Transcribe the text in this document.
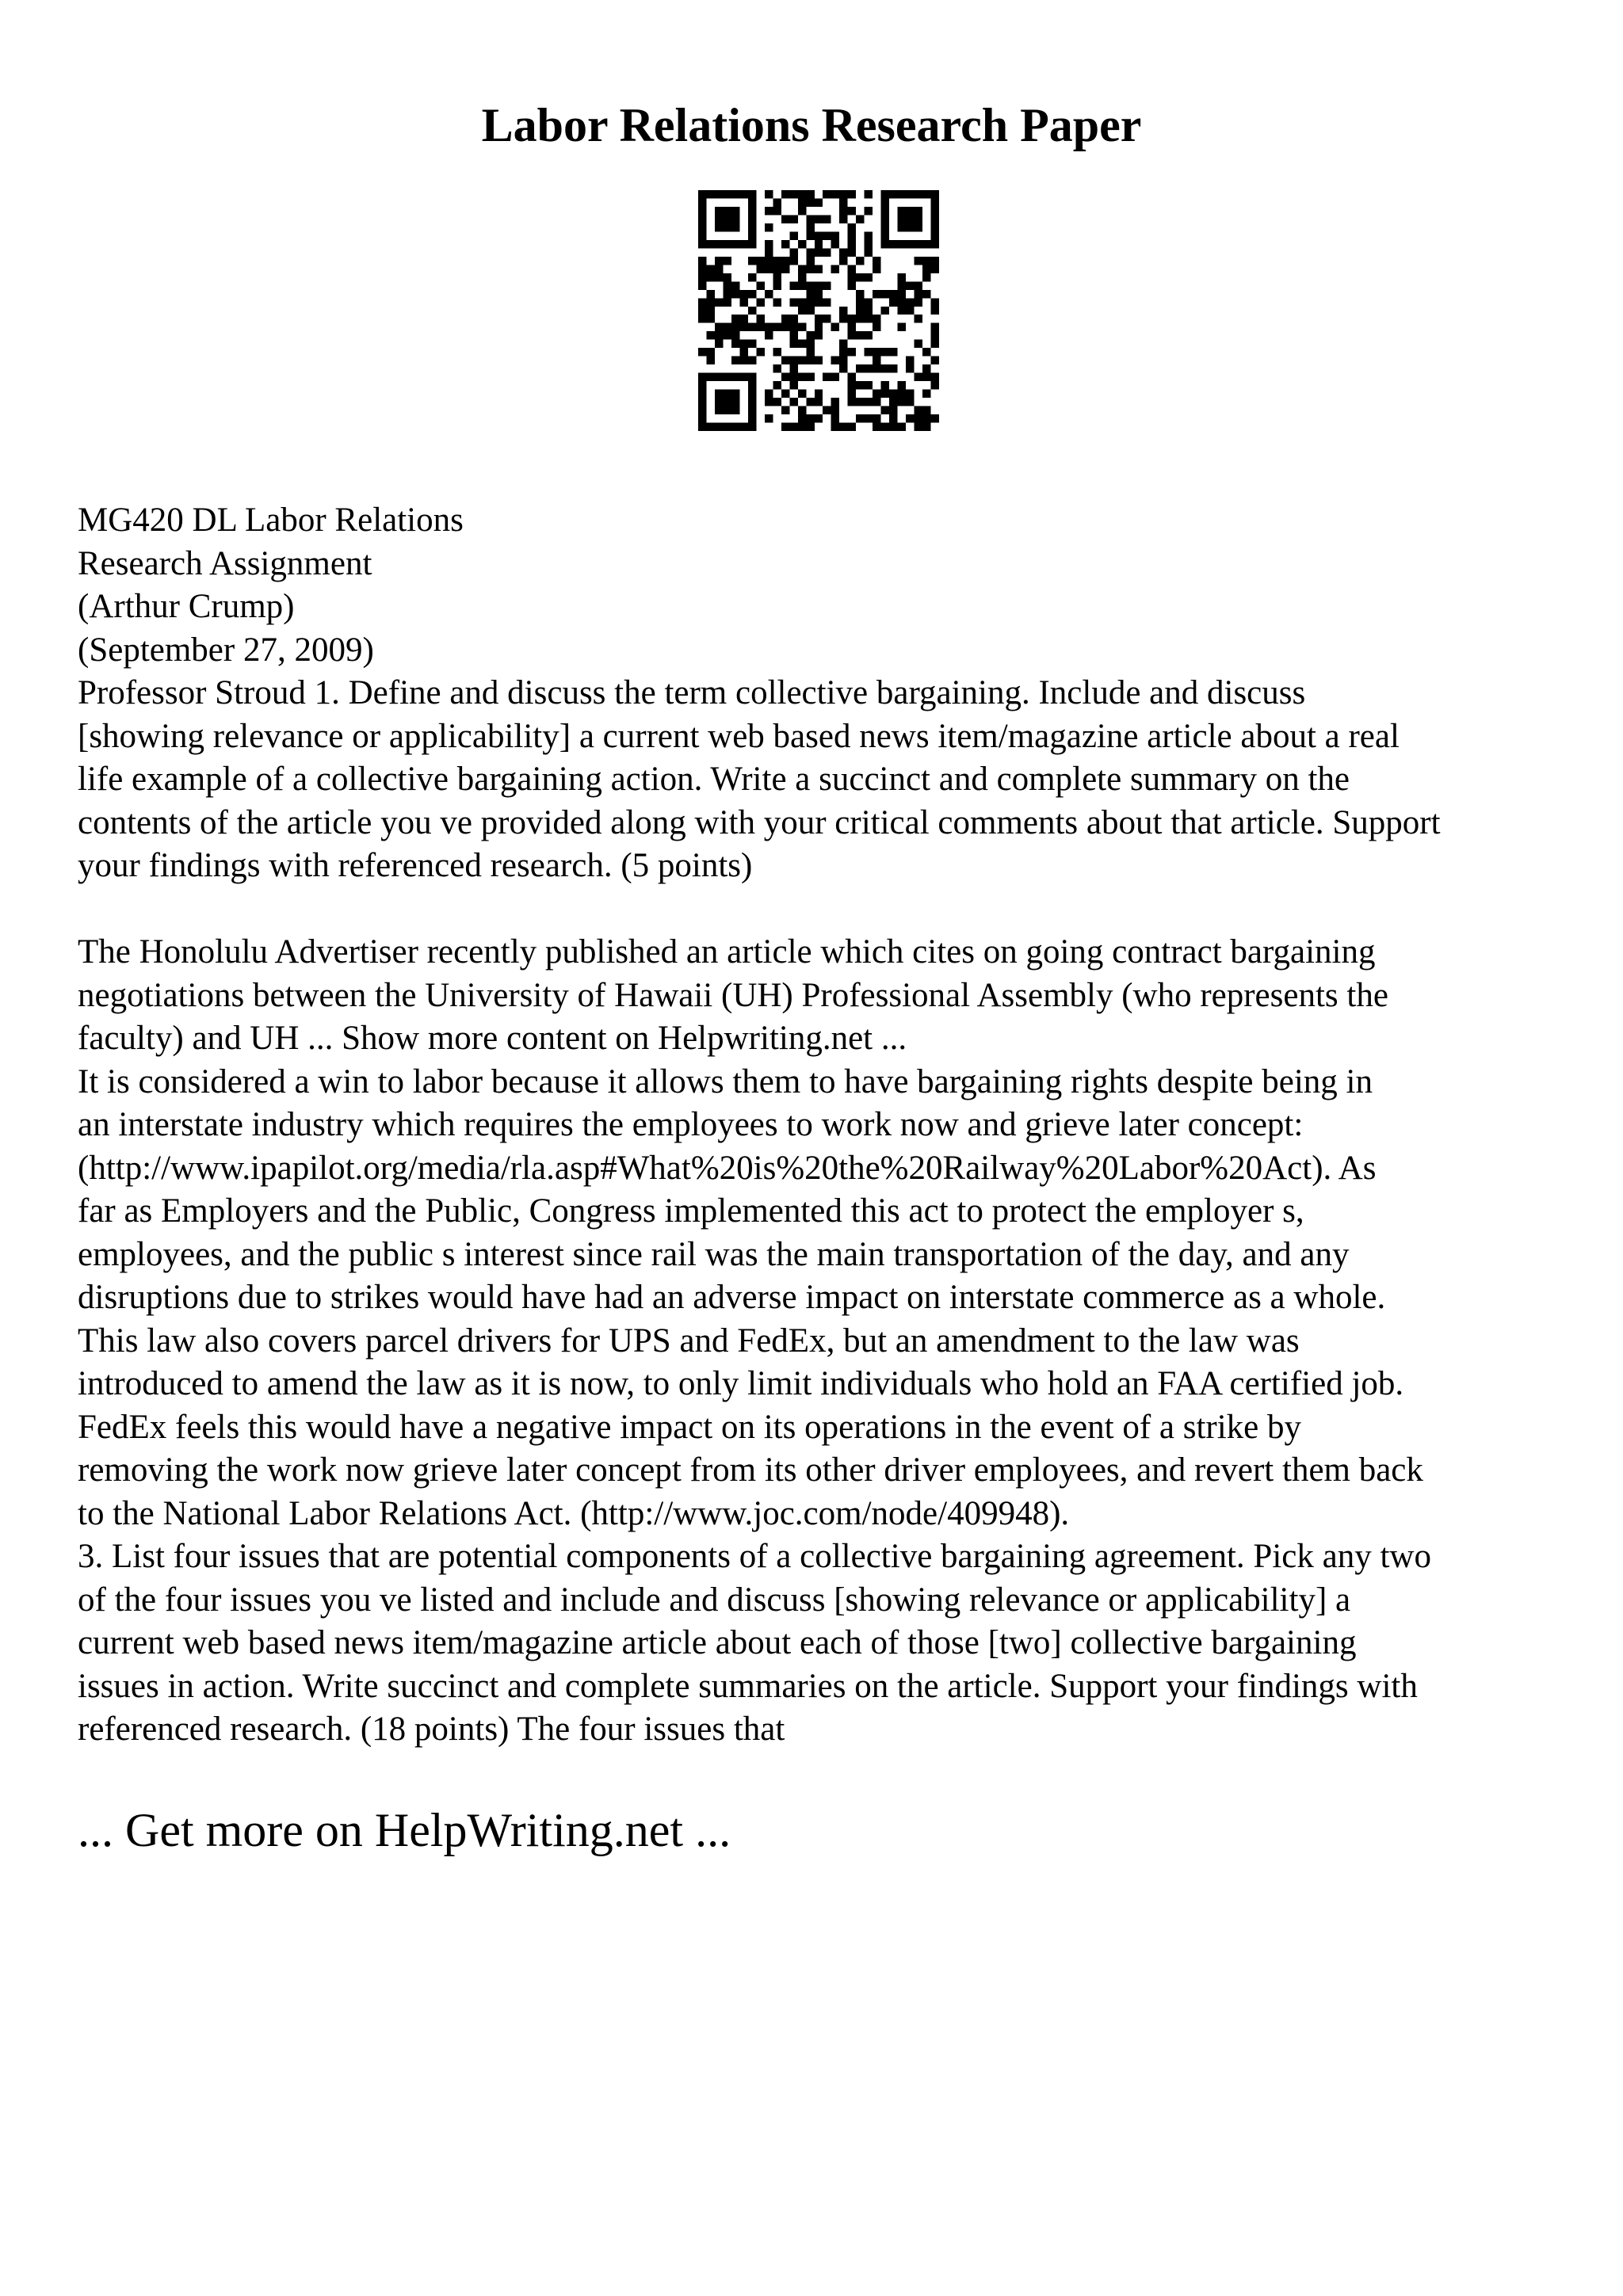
Labor Relations Research Paper
MG420 DL Labor Relations
Research Assignment
(Arthur Crump)
(September 27, 2009)
Professor Stroud 1. Define and discuss the term collective bargaining. Include and discuss
[showing relevance or applicability] a current web based news item/magazine article about a real
life example of a collective bargaining action. Write a succinct and complete summary on the
contents of the article you ve provided along with your critical comments about that article. Support
your findings with referenced research. (5 points)
The Honolulu Advertiser recently published an article which cites on going contract bargaining
negotiations between the University of Hawaii (UH) Professional Assembly (who represents the
faculty) and UH ... Show more content on Helpwriting.net ...
It is considered a win to labor because it allows them to have bargaining rights despite being in
an interstate industry which requires the employees to work now and grieve later concept:
(http://www.ipapilot.org/media/rla.asp#What%20is%20the%20Railway%20Labor%20Act). As
far as Employers and the Public, Congress implemented this act to protect the employer s,
employees, and the public s interest since rail was the main transportation of the day, and any
disruptions due to strikes would have had an adverse impact on interstate commerce as a whole.
This law also covers parcel drivers for UPS and FedEx, but an amendment to the law was
introduced to amend the law as it is now, to only limit individuals who hold an FAA certified job.
FedEx feels this would have a negative impact on its operations in the event of a strike by
removing the work now grieve later concept from its other driver employees, and revert them back
to the National Labor Relations Act. (http://www.joc.com/node/409948).
3. List four issues that are potential components of a collective bargaining agreement. Pick any two
of the four issues you ve listed and include and discuss [showing relevance or applicability] a
current web based news item/magazine article about each of those [two] collective bargaining
issues in action. Write succinct and complete summaries on the article. Support your findings with
referenced research. (18 points) The four issues that
... Get more on HelpWriting.net ...
